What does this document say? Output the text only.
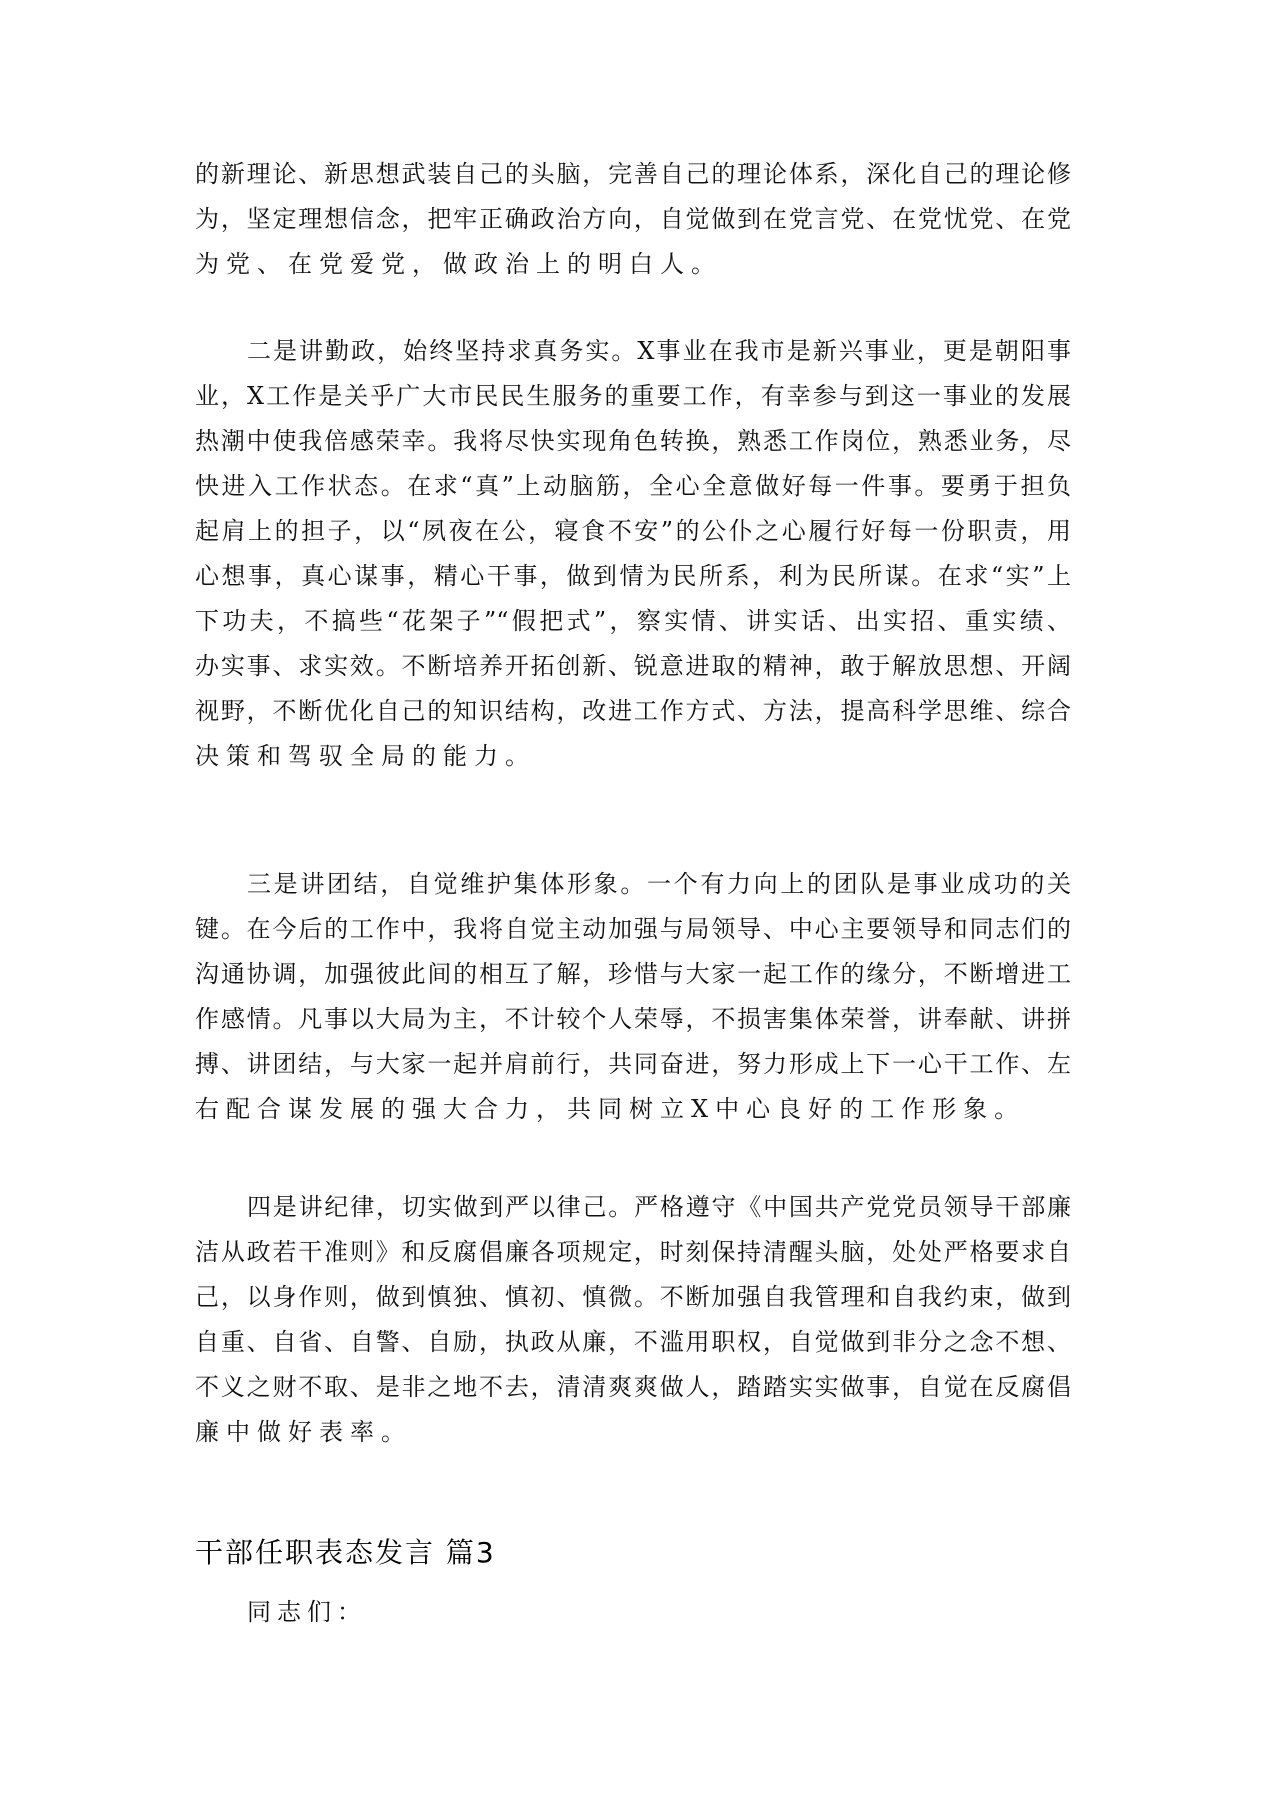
的新理论、新思想武装自己的头脑，完善自己的理论体系，深化自己的理论修
为，坚定理想信念，把牢正确政治方向，自觉做到在党言党、在党忧党、在党
为党、在党爱党，做政治上的明白人。
二是讲勤政，始终坚持求真务实。X事业在我市是新兴事业，更是朝阳事
业，X工作是关乎广大市民民生服务的重要工作，有幸参与到这一事业的发展
热潮中使我倍感荣幸。我将尽快实现角色转换，熟悉工作岗位，熟悉业务，尽
快进入工作状态。在求“真”上动脑筋，全心全意做好每一件事。要勇于担负
起肩上的担子，以“夙夜在公，寝食不安”的公仆之心履行好每一份职责，用
心想事，真心谋事，精心干事，做到情为民所系，利为民所谋。在求“实”上
下功夫，不搞些“花架子”“假把式”，察实情、讲实话、出实招、重实绩、
办实事、求实效。不断培养开拓创新、锐意进取的精神，敢于解放思想、开阔
视野，不断优化自己的知识结构，改进工作方式、方法，提高科学思维、综合
决策和驾驭全局的能力。
三是讲团结，自觉维护集体形象。一个有力向上的团队是事业成功的关
键。在今后的工作中，我将自觉主动加强与局领导、中心主要领导和同志们的
沟通协调，加强彼此间的相互了解，珍惜与大家一起工作的缘分，不断增进工
作感情。凡事以大局为主，不计较个人荣辱，不损害集体荣誉，讲奉献、讲拼
搏、讲团结，与大家一起并肩前行，共同奋进，努力形成上下一心干工作、左
右配合谋发展的强大合力，共同树立X中心良好的工作形象。
四是讲纪律，切实做到严以律己。严格遵守《中国共产党党员领导干部廉
洁从政若干准则》和反腐倡廉各项规定，时刻保持清醒头脑，处处严格要求自
己，以身作则，做到慎独、慎初、慎微。不断加强自我管理和自我约束，做到
自重、自省、自警、自励，执政从廉，不滥用职权，自觉做到非分之念不想、
不义之财不取、是非之地不去，清清爽爽做人，踏踏实实做事，自觉在反腐倡
廉中做好表率。
干部任职表态发言 篇3
同志们：
